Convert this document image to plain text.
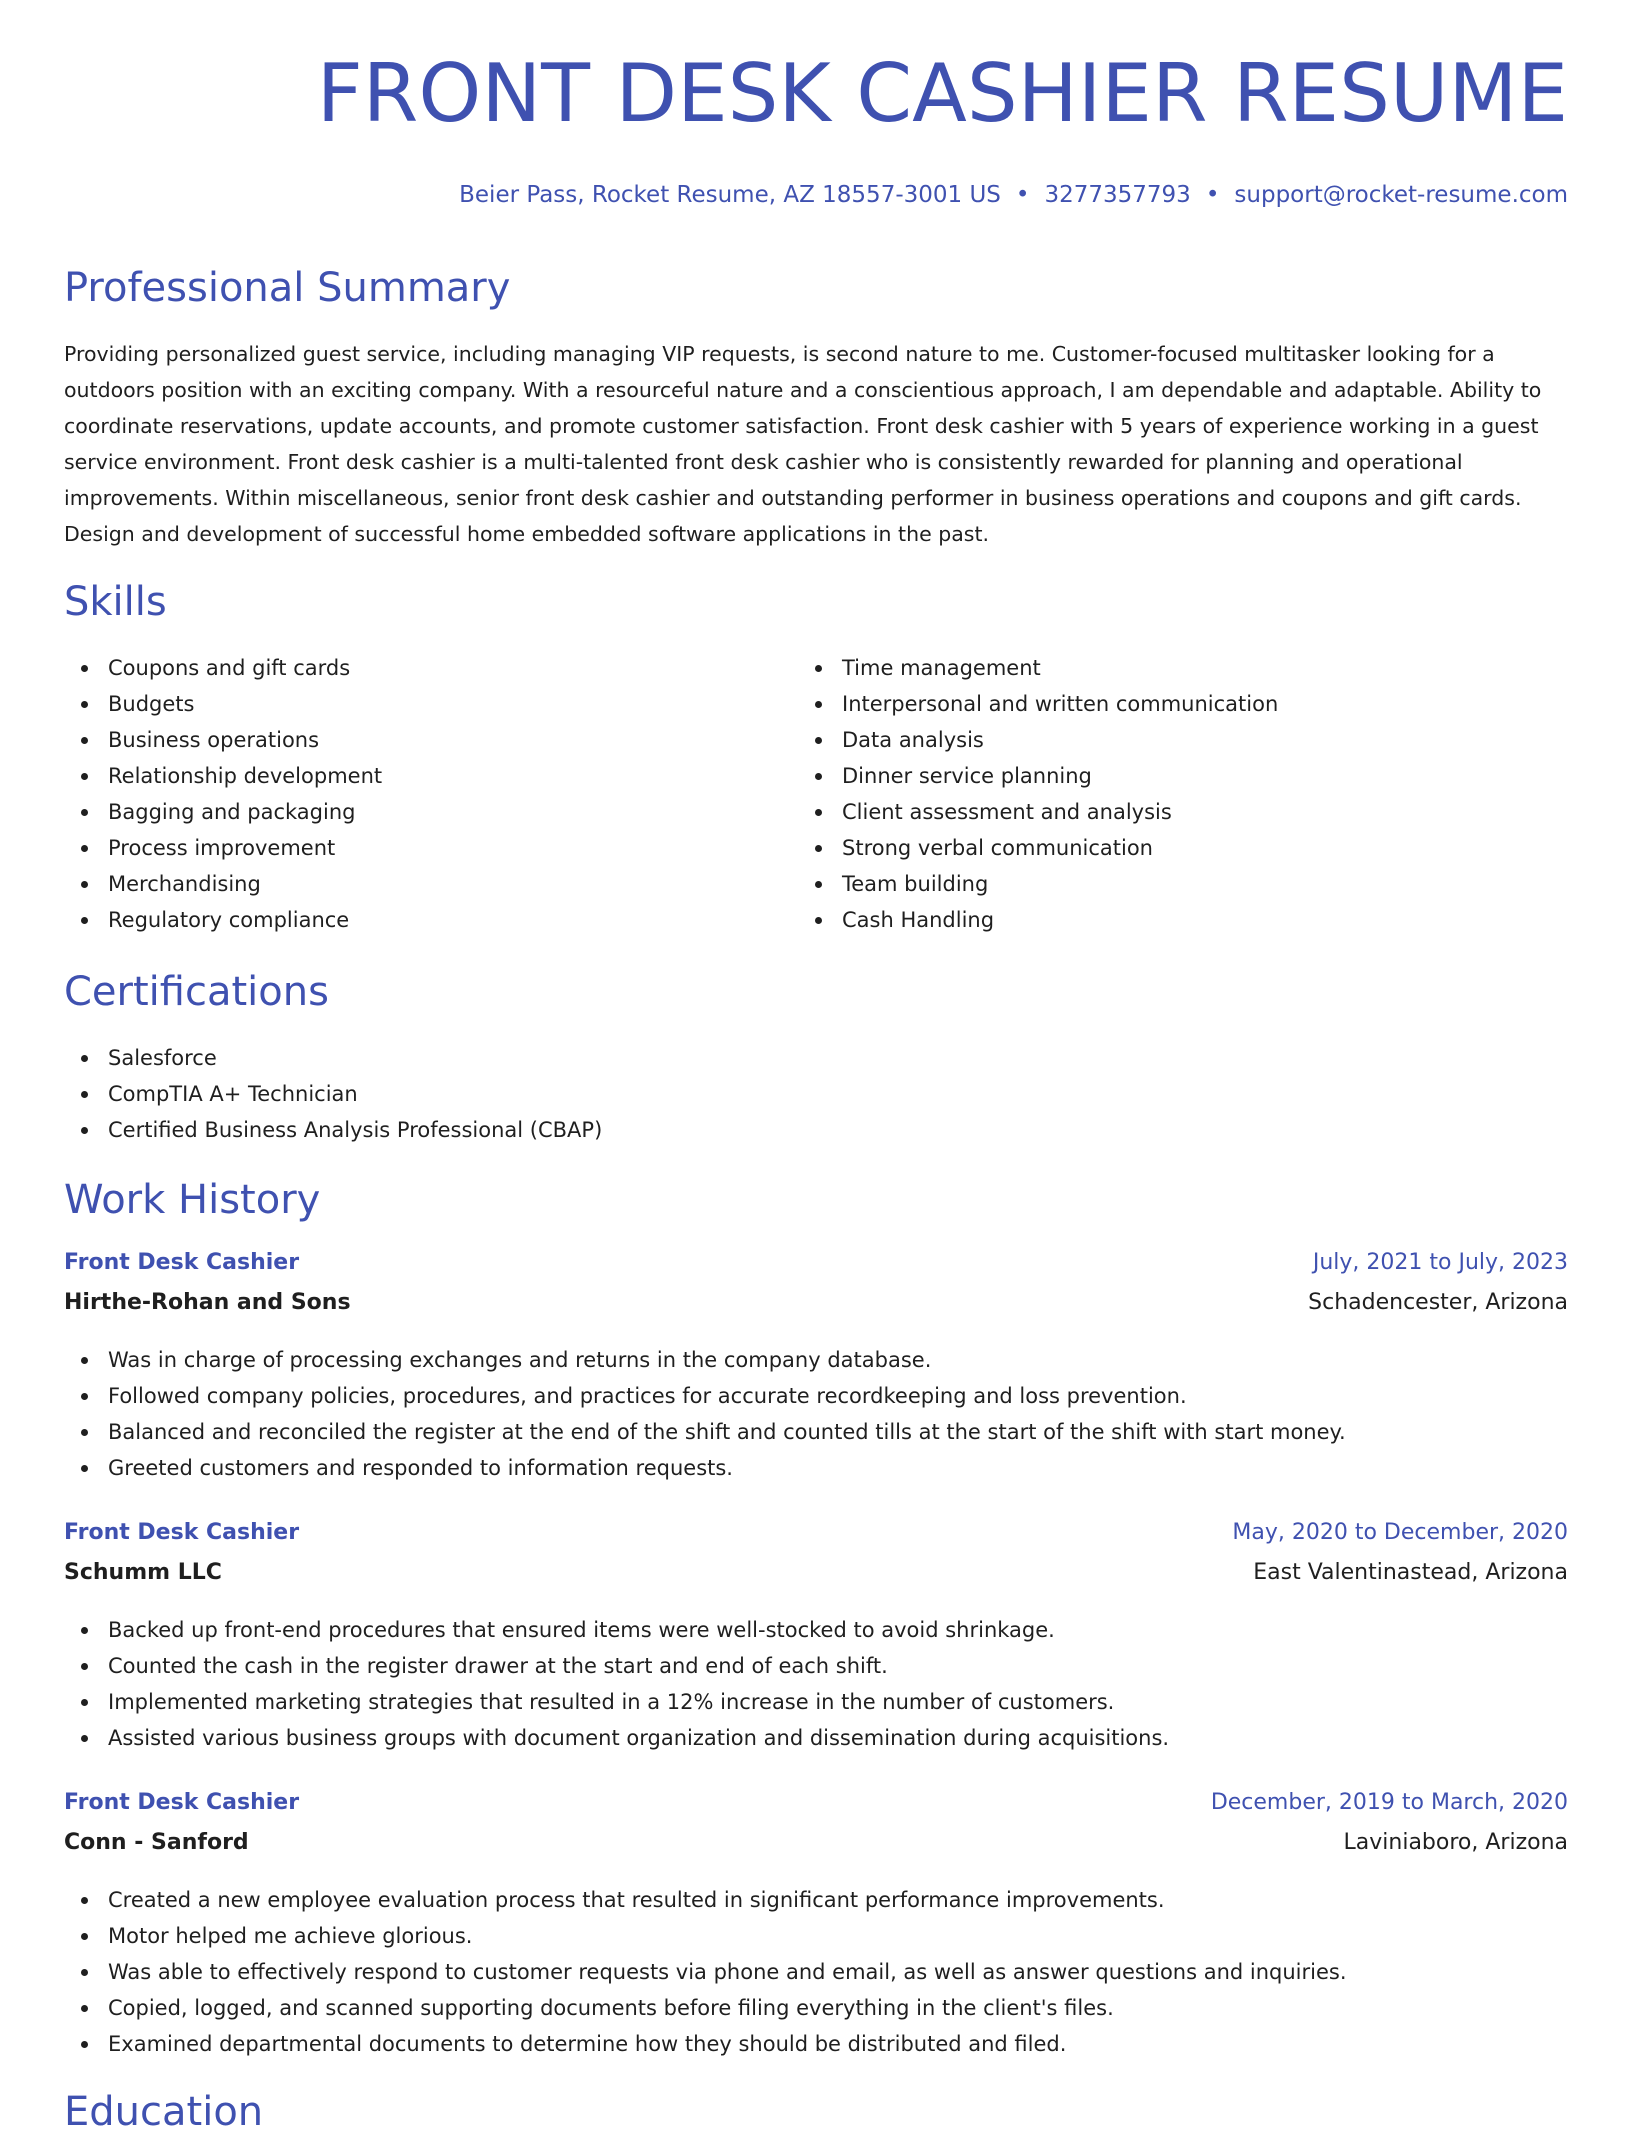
FRONT DESK CASHIER RESUME
Beier Pass, Rocket Resume, AZ 18557-3001 US • 3277357793 • support@rocket-resume.com
Professional Summary

Providing personalized guest service, including managing VIP requests, is second nature to me. Customer-focused multitasker looking for a outdoors position with an exciting company. With a resourceful nature and a conscientious approach, I am dependable and adaptable. Ability to coordinate reservations, update accounts, and promote customer satisfaction. Front desk cashier with 5 years of experience working in a guest service environment. Front desk cashier is a multi-talented front desk cashier who is consistently rewarded for planning and operational improvements. Within miscellaneous, senior front desk cashier and outstanding performer in business operations and coupons and gift cards. Design and development of successful home embedded software applications in the past.

Skills
Coupons and gift cards
Budgets
Business operations
Relationship development
Bagging and packaging
Process improvement
Merchandising
Regulatory compliance
Time management
Interpersonal and written communication
Data analysis
Dinner service planning
Client assessment and analysis
Strong verbal communication
Team building
Cash Handling
Certifications
Salesforce
CompTIA A+ Technician
Certified Business Analysis Professional (CBAP)
Work History
Front Desk Cashier	July, 2021 to July, 2023
Hirthe-Rohan and Sons	Schadencester, Arizona
Was in charge of processing exchanges and returns in the company database.
Followed company policies, procedures, and practices for accurate recordkeeping and loss prevention.
Balanced and reconciled the register at the end of the shift and counted tills at the start of the shift with start money.
Greeted customers and responded to information requests.
Front Desk Cashier	May, 2020 to December, 2020
Schumm LLC	East Valentinastead, Arizona
Backed up front-end procedures that ensured items were well-stocked to avoid shrinkage.
Counted the cash in the register drawer at the start and end of each shift.
Implemented marketing strategies that resulted in a 12% increase in the number of customers.
Assisted various business groups with document organization and dissemination during acquisitions.
Front Desk Cashier	December, 2019 to March, 2020
Conn - Sanford	Laviniaboro, Arizona
Created a new employee evaluation process that resulted in significant performance improvements.
Motor helped me achieve glorious.
Was able to effectively respond to customer requests via phone and email, as well as answer questions and inquiries.
Copied, logged, and scanned supporting documents before filing everything in the client's files.
Examined departmental documents to determine how they should be distributed and filed.
Education
